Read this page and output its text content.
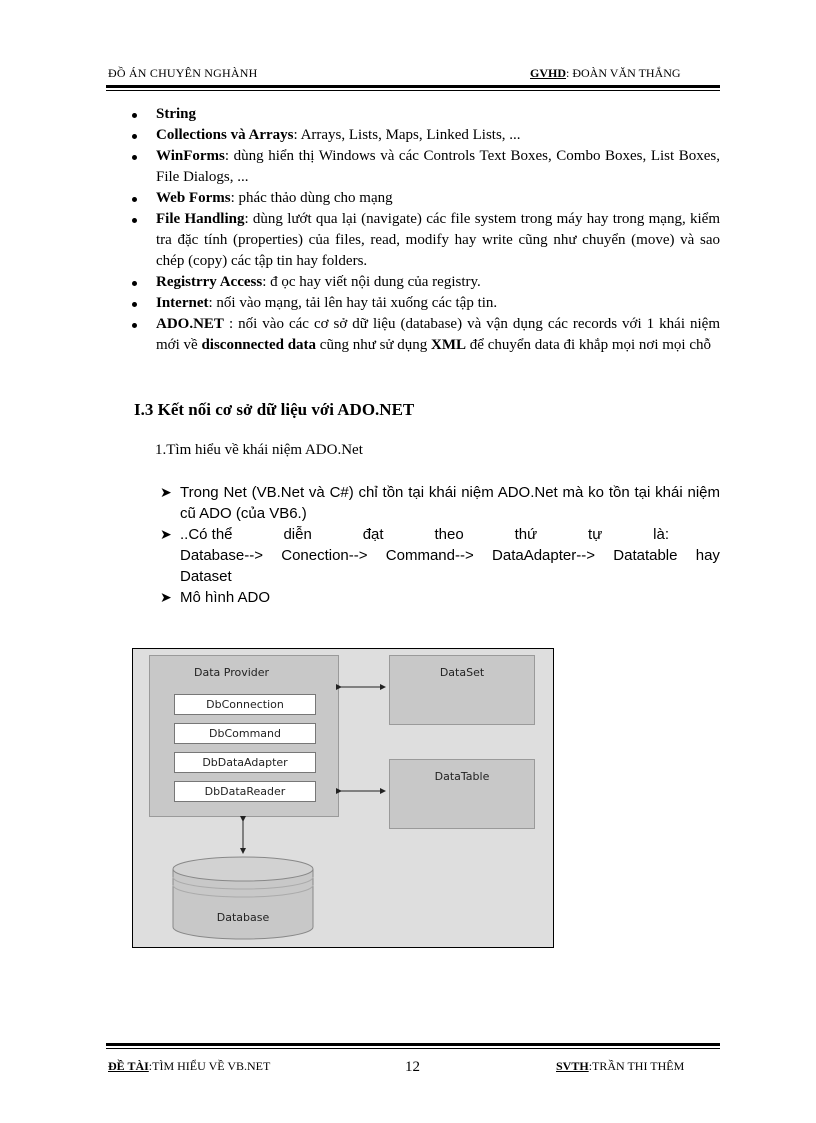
ĐỒ ÁN CHUYÊN NGHÀNH	GVHD: ĐOÀN VĂN THẮNG
String
Collections và Arrays: Arrays, Lists, Maps, Linked Lists, ...
WinForms: dùng hiển thị Windows và các Controls Text Boxes, Combo Boxes, List Boxes, File Dialogs, ...
Web Forms: phác thảo dùng cho mạng
File Handling: dùng lướt qua lại (navigate) các file system trong máy hay trong mạng, kiểm tra đặc tính (properties) của files, read, modify hay write cũng như chuyển (move) và sao chép (copy) các tập tin hay folders.
Registrry Access: đ ọc hay viết nội dung của registry.
Internet: nối vào mạng, tải lên hay tải xuống các tập tin.
ADO.NET : nối vào các cơ sở dữ liệu (database) và vận dụng các records với 1 khái niệm mới về disconnected data cũng như sử dụng XML để chuyển data đi khắp mọi nơi mọi chỗ
I.3 Kết nối cơ sở dữ liệu với ADO.NET
1.Tìm hiểu về khái niệm ADO.Net
➤ Trong Net (VB.Net và C#) chỉ tồn tại khái niệm ADO.Net mà ko tồn tại khái niệm cũ ADO (của VB6.)
➤ ..Có thể	diễn	đạt	theo	thứ	tự	là:
Database--> Conection--> Command--> DataAdapter--> Datatable hay
Dataset
➤ Mô hình ADO
Data Provider
DbConnection
DbCommand
DbDataAdapter
DbDataReader
DataSet
DataTable
Database
ĐỀ TÀI:TÌM HIỂU VỀ VB.NET	12	SVTH:TRẦN THI THÊM
